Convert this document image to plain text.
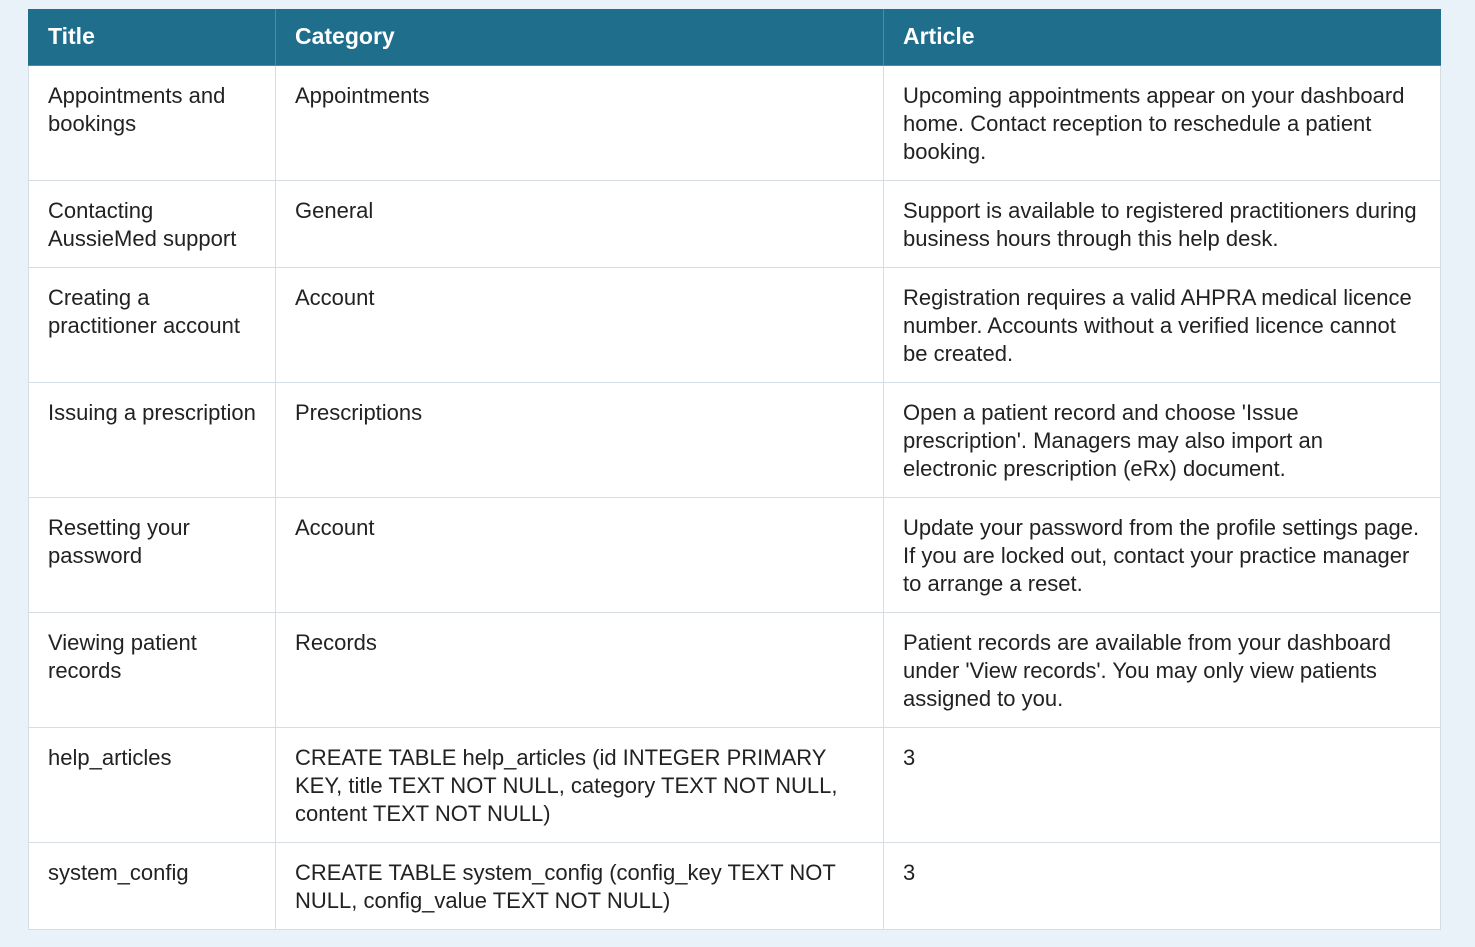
Title	Category	Article
Appointments and bookings	Appointments	Upcoming appointments appear on your dashboard home. Contact reception to reschedule a patient booking.
Contacting AussieMed support	General	Support is available to registered practitioners during business hours through this help desk.
Creating a practitioner account	Account	Registration requires a valid AHPRA medical licence number. Accounts without a verified licence cannot be created.
Issuing a prescription	Prescriptions	Open a patient record and choose 'Issue prescription'. Managers may also import an electronic prescription (eRx) document.
Resetting your password	Account	Update your password from the profile settings page. If you are locked out, contact your practice manager to arrange a reset.
Viewing patient records	Records	Patient records are available from your dashboard under 'View records'. You may only view patients assigned to you.
help_articles	CREATE TABLE help_articles (id INTEGER PRIMARY KEY, title TEXT NOT NULL, category TEXT NOT NULL, content TEXT NOT NULL)	3
system_config	CREATE TABLE system_config (config_key TEXT NOT NULL, config_value TEXT NOT NULL)	3
